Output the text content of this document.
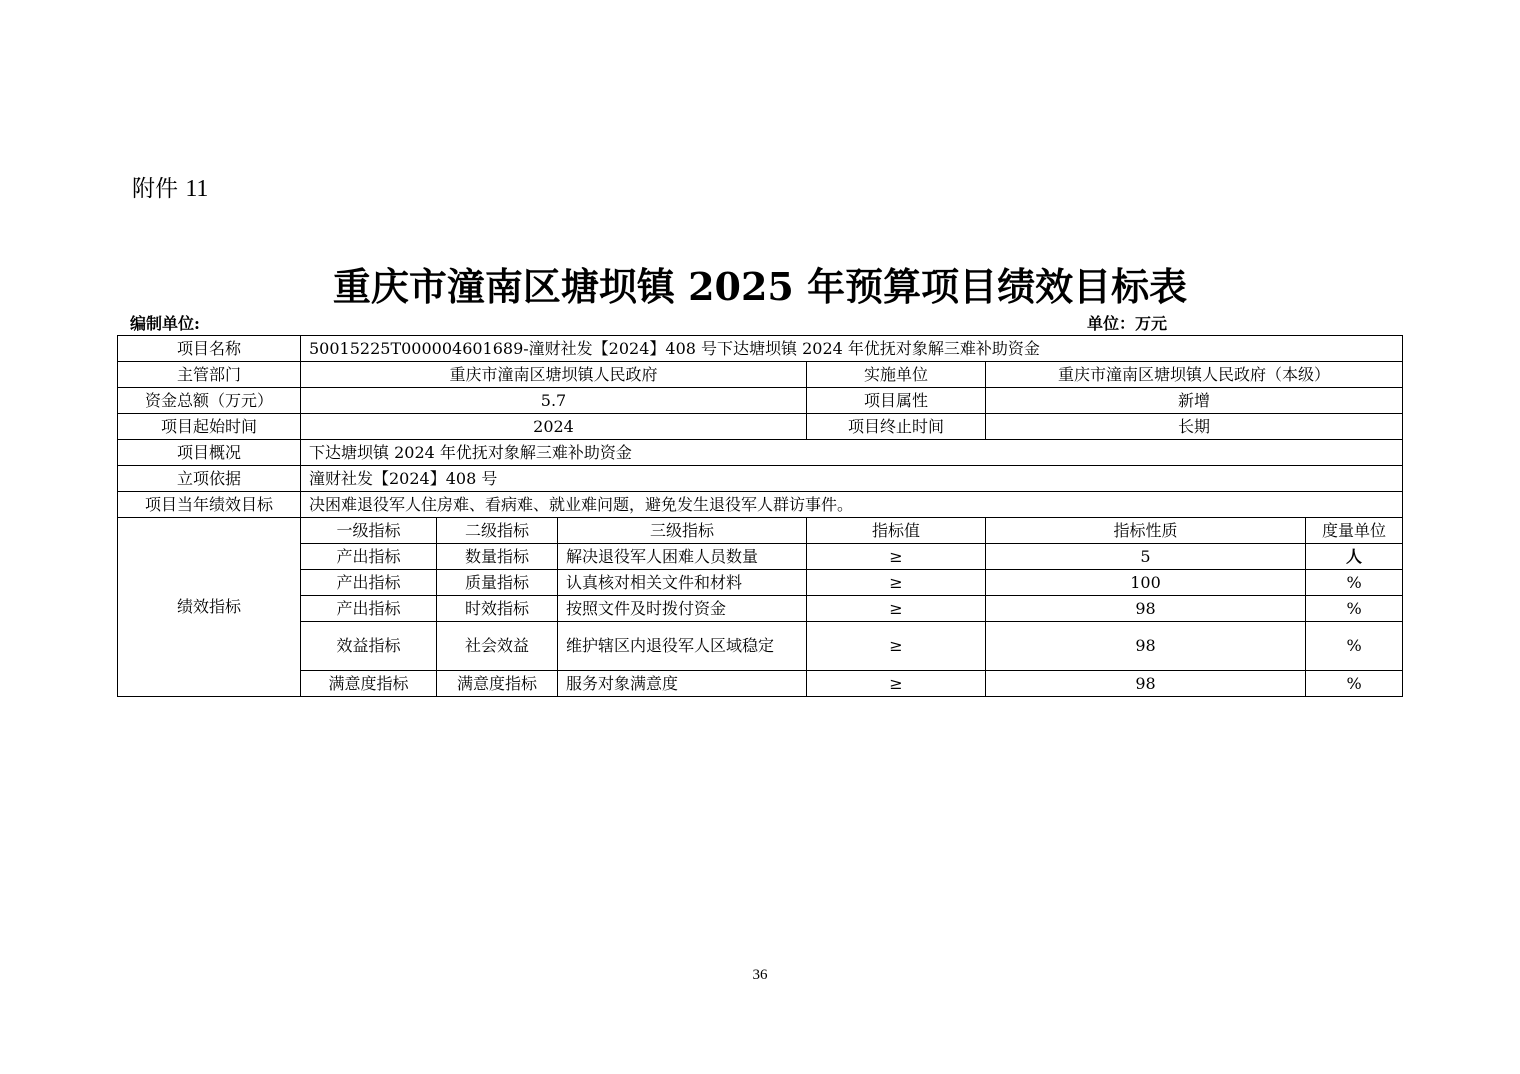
附件 11
重庆市潼南区塘坝镇 2025 年预算项目绩效目标表
编制单位:	单位：万元
项目名称	50015225T000004601689-潼财社发【2024】408 号下达塘坝镇 2024 年优抚对象解三难补助资金					
主管部门	重庆市潼南区塘坝镇人民政府			实施单位	重庆市潼南区塘坝镇人民政府（本级）	
资金总额（万元）	5.7			项目属性	新增	
项目起始时间	2024			项目终止时间	长期	
项目概况	下达塘坝镇 2024 年优抚对象解三难补助资金					
立项依据	潼财社发【2024】408 号					
项目当年绩效目标	决困难退役军人住房难、看病难、就业难问题，避免发生退役军人群访事件。					
绩效指标	一级指标	二级指标	三级指标	指标值	指标性质	度量单位
	产出指标	数量指标	解决退役军人困难人员数量	≥	5	人
	产出指标	质量指标	认真核对相关文件和材料	≥	100	%
	产出指标	时效指标	按照文件及时拨付资金	≥	98	%
	效益指标	社会效益	维护辖区内退役军人区域稳定	≥	98	%
	满意度指标	满意度指标	服务对象满意度	≥	98	%
36
